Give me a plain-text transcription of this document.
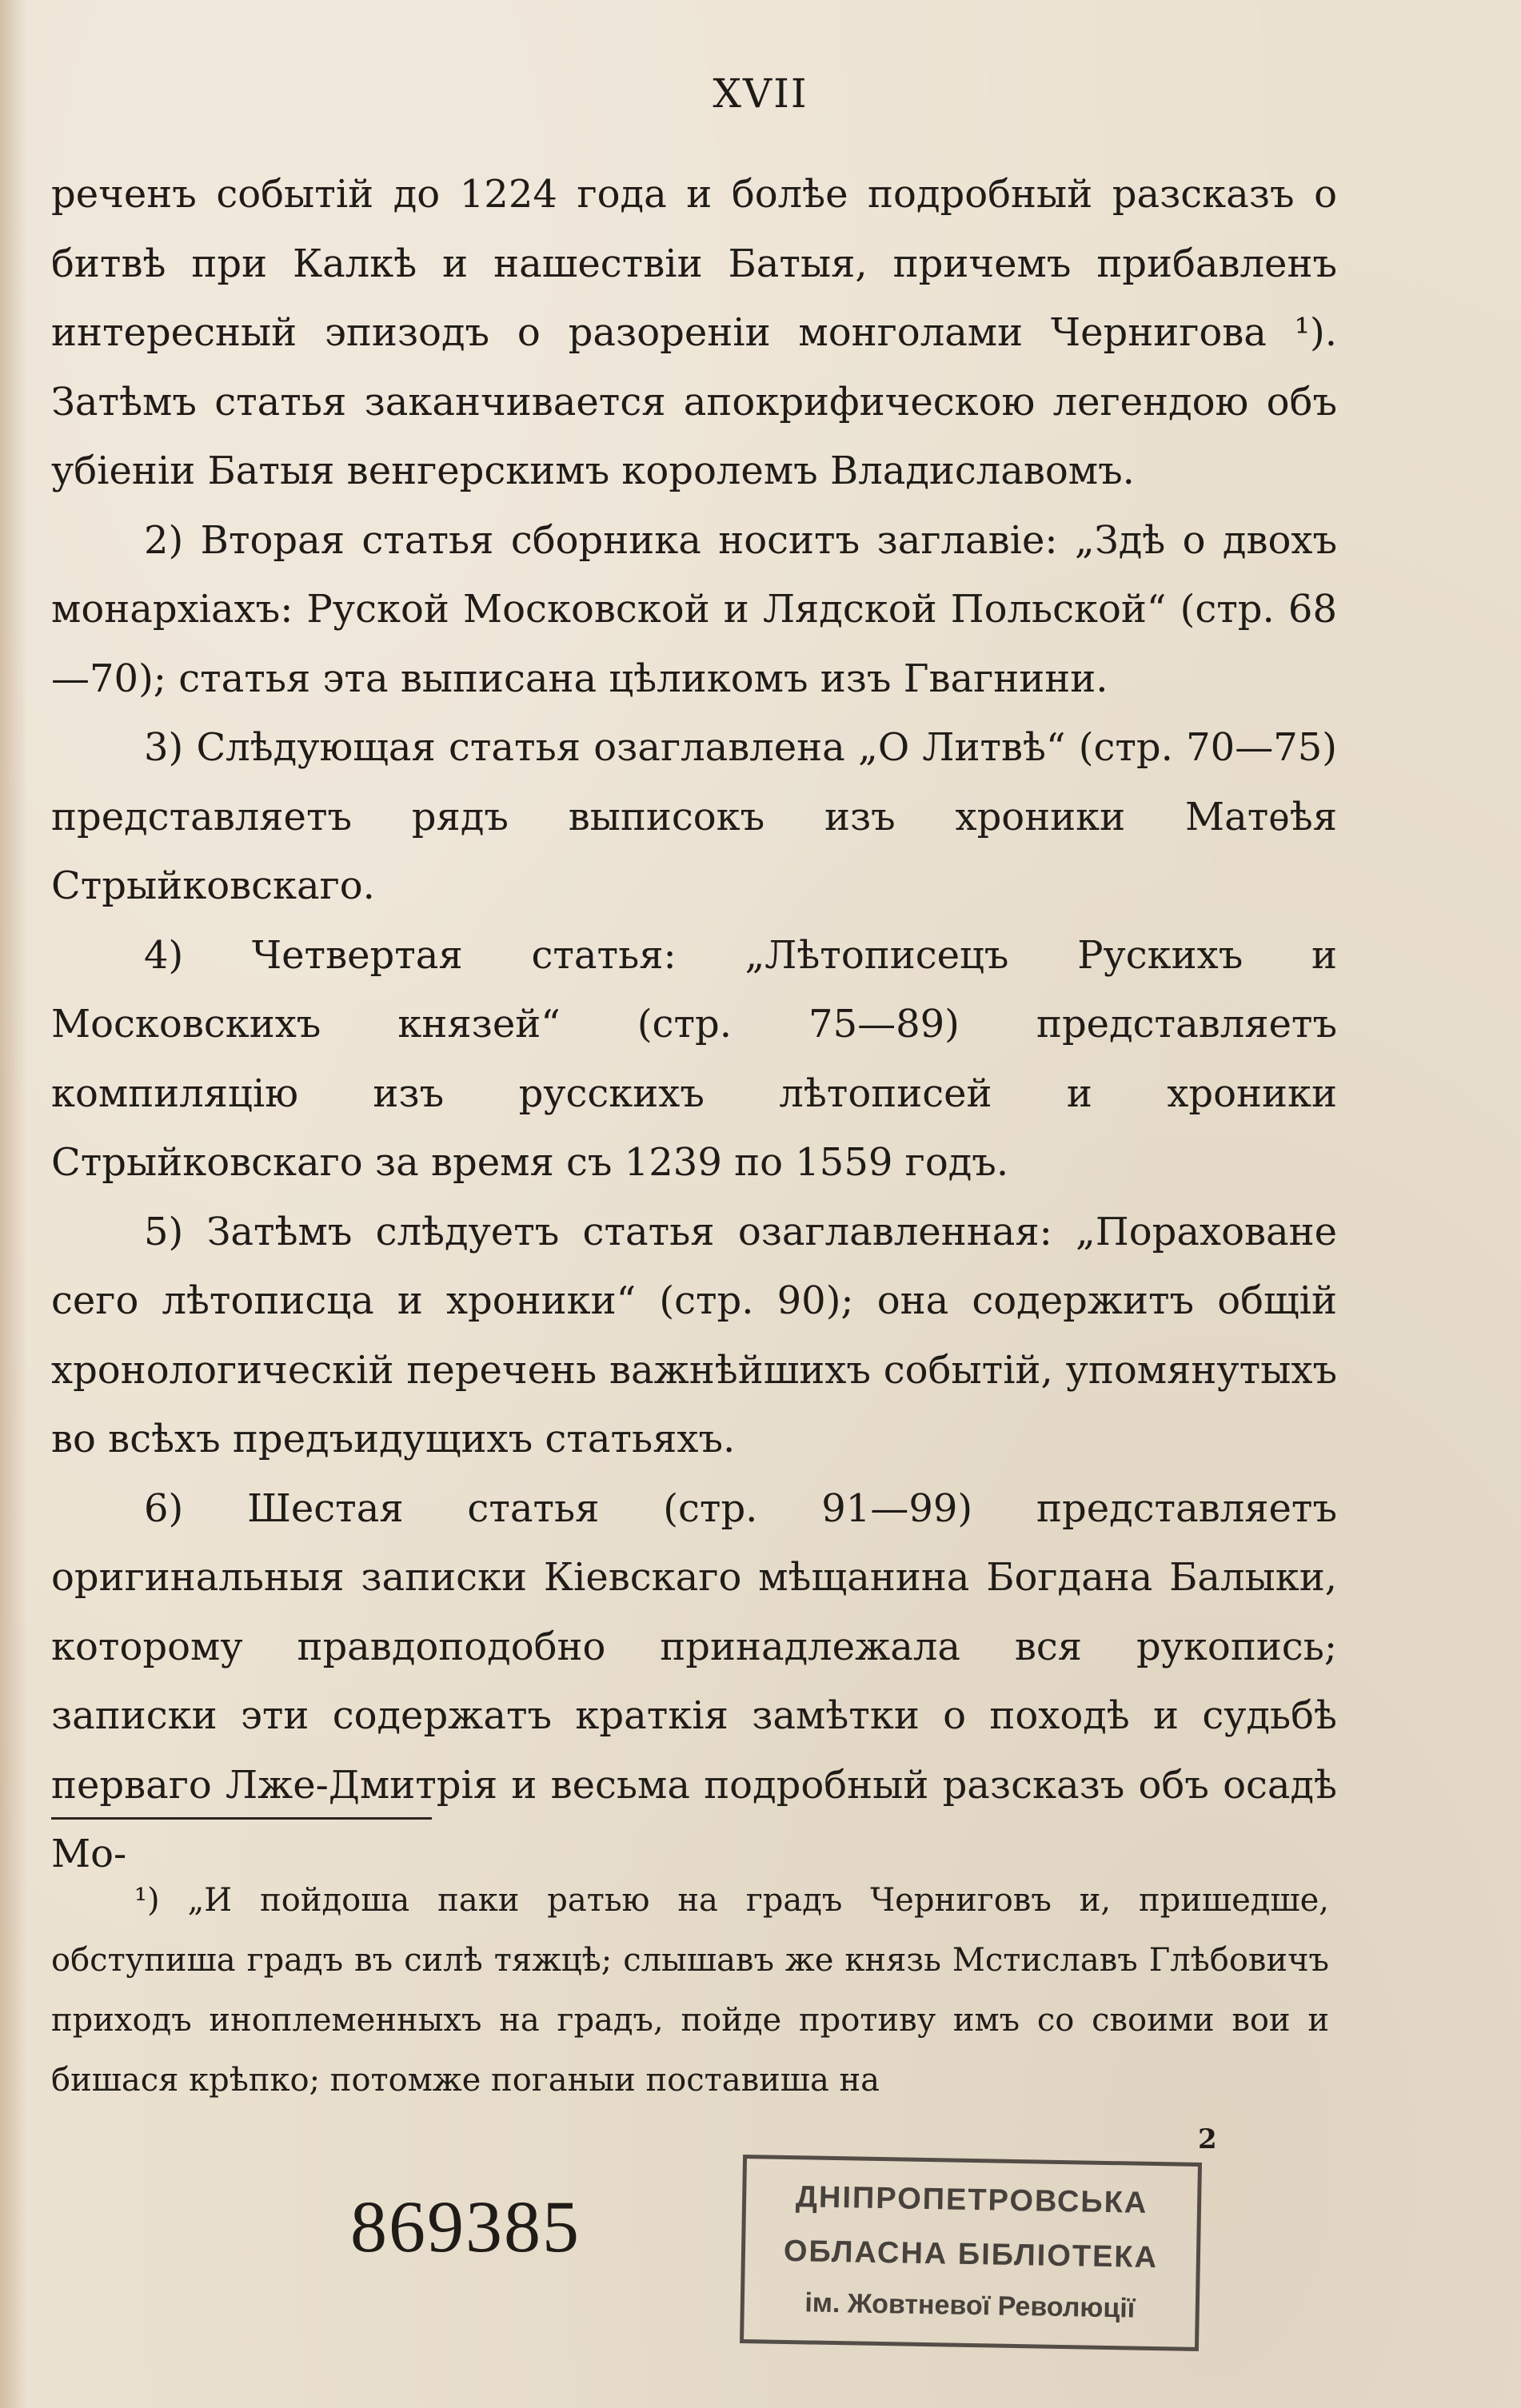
XVII

реченъ событій до 1224 года и болѣе подробный разсказъ о битвѣ при Калкѣ и нашествіи Батыя, причемъ прибавленъ интересный эпизодъ о разореніи монголами Чернигова ¹). Затѣмъ статья заканчивается апокрифическою легендою объ убіеніи Батыя венгерскимъ королемъ Владиславомъ.

2) Вторая статья сборника носитъ заглавіе: „Здѣ о двохъ монархіахъ: Руской Московской и Лядской Польской“ (стр. 68—70); статья эта выписана цѣликомъ изъ Гвагнини.

3) Слѣдующая статья озаглавлена „О Литвѣ“ (стр. 70—75) представляетъ рядъ выписокъ изъ хроники Матѳѣя Стрыйковскаго.

4) Четвертая статья: „Лѣтописецъ Рускихъ и Московскихъ князей“ (стр. 75—89) представляетъ компиляцію изъ русскихъ лѣтописей и хроники Стрыйковскаго за время съ 1239 по 1559 годъ.

5) Затѣмъ слѣдуетъ статья озаглавленная: „Пораховане сего лѣтописца и хроники“ (стр. 90); она содержитъ общій хронологическій перечень важнѣйшихъ событій, упомянутыхъ во всѣхъ предъидущихъ статьяхъ.

6) Шестая статья (стр. 91—99) представляетъ оригинальныя записки Кіевскаго мѣщанина Богдана Балыки, которому правдоподобно принадлежала вся рукопись; записки эти содержатъ краткія замѣтки о походѣ и судьбѣ перваго Лже-Дмитрія и весьма подробный разсказъ объ осадѣ Мо-

¹) „И пойдоша паки ратью на градъ Черниговъ и, пришедше, обступиша градъ въ силѣ тяжцѣ; слышавъ же князь Мстиславъ Глѣбовичъ приходъ иноплеменныхъ на градъ, пойде противу имъ со своими вои и бишася крѣпко; потомже поганыи поставиша на
2
869385	ДНІПРОПЕТРОВСЬКА
ОБЛАСНА БІБЛІОТЕКА
ім. Жовтневої Революції
